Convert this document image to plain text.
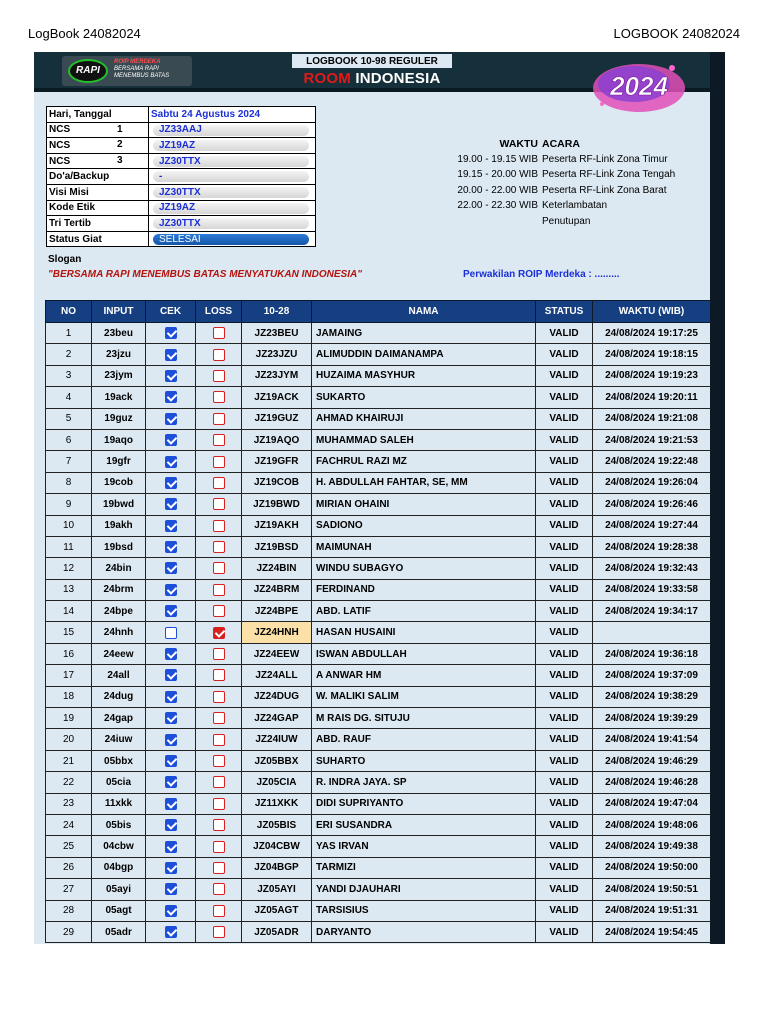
LogBook 24082024	LOGBOOK 24082024
RAPI
ROIP MERDEKA
BERSAMA RAPI MENEMBUS BATAS
LOGBOOK 10-98 REGULER
ROOM INDONESIA	2024
Hari, Tanggal	Sabtu 24 Agustus 2024
NCS 1	JZ33AAJ
NCS 2	JZ19AZ
NCS 3	JZ30TTX
Do'a/Backup	-
Visi Misi	JZ30TTX
Kode Etik	JZ19AZ
Tri Tertib	JZ30TTX
Status Giat	SELESAI
WAKTU ACARA
19.00 - 19.15 WIB Peserta RF-Link Zona Timur
19.15 - 20.00 WIB Peserta RF-Link Zona Tengah
20.00 - 22.00 WIB Peserta RF-Link Zona Barat
22.00 - 22.30 WIB Keterlambatan
Penutupan
Slogan
"BERSAMA RAPI MENEMBUS BATAS MENYATUKAN INDONESIA"	Perwakilan ROIP Merdeka : .........
NO	INPUT	CEK	LOSS	10-28	NAMA	STATUS	WAKTU (WIB)
1	23beu			JZ23BEU	JAMAING	VALID	24/08/2024 19:17:25
2	23jzu			JZ23JZU	ALIMUDDIN DAIMANAMPA	VALID	24/08/2024 19:18:15
3	23jym			JZ23JYM	HUZAIMA MASYHUR	VALID	24/08/2024 19:19:23
4	19ack			JZ19ACK	SUKARTO	VALID	24/08/2024 19:20:11
5	19guz			JZ19GUZ	AHMAD KHAIRUJI	VALID	24/08/2024 19:21:08
6	19aqo			JZ19AQO	MUHAMMAD SALEH	VALID	24/08/2024 19:21:53
7	19gfr			JZ19GFR	FACHRUL RAZI MZ	VALID	24/08/2024 19:22:48
8	19cob			JZ19COB	H. ABDULLAH FAHTAR, SE, MM	VALID	24/08/2024 19:26:04
9	19bwd			JZ19BWD	MIRIAN OHAINI	VALID	24/08/2024 19:26:46
10	19akh			JZ19AKH	SADIONO	VALID	24/08/2024 19:27:44
11	19bsd			JZ19BSD	MAIMUNAH	VALID	24/08/2024 19:28:38
12	24bin			JZ24BIN	WINDU SUBAGYO	VALID	24/08/2024 19:32:43
13	24brm			JZ24BRM	FERDINAND	VALID	24/08/2024 19:33:58
14	24bpe			JZ24BPE	ABD. LATIF	VALID	24/08/2024 19:34:17
15	24hnh			JZ24HNH	HASAN HUSAINI	VALID	
16	24eew			JZ24EEW	ISWAN ABDULLAH	VALID	24/08/2024 19:36:18
17	24all			JZ24ALL	A ANWAR HM	VALID	24/08/2024 19:37:09
18	24dug			JZ24DUG	W. MALIKI SALIM	VALID	24/08/2024 19:38:29
19	24gap			JZ24GAP	M RAIS DG. SITUJU	VALID	24/08/2024 19:39:29
20	24iuw			JZ24IUW	ABD. RAUF	VALID	24/08/2024 19:41:54
21	05bbx			JZ05BBX	SUHARTO	VALID	24/08/2024 19:46:29
22	05cia			JZ05CIA	R. INDRA JAYA. SP	VALID	24/08/2024 19:46:28
23	11xkk			JZ11XKK	DIDI SUPRIYANTO	VALID	24/08/2024 19:47:04
24	05bis			JZ05BIS	ERI SUSANDRA	VALID	24/08/2024 19:48:06
25	04cbw			JZ04CBW	YAS IRVAN	VALID	24/08/2024 19:49:38
26	04bgp			JZ04BGP	TARMIZI	VALID	24/08/2024 19:50:00
27	05ayi			JZ05AYI	YANDI DJAUHARI	VALID	24/08/2024 19:50:51
28	05agt			JZ05AGT	TARSISIUS	VALID	24/08/2024 19:51:31
29	05adr			JZ05ADR	DARYANTO	VALID	24/08/2024 19:54:45
